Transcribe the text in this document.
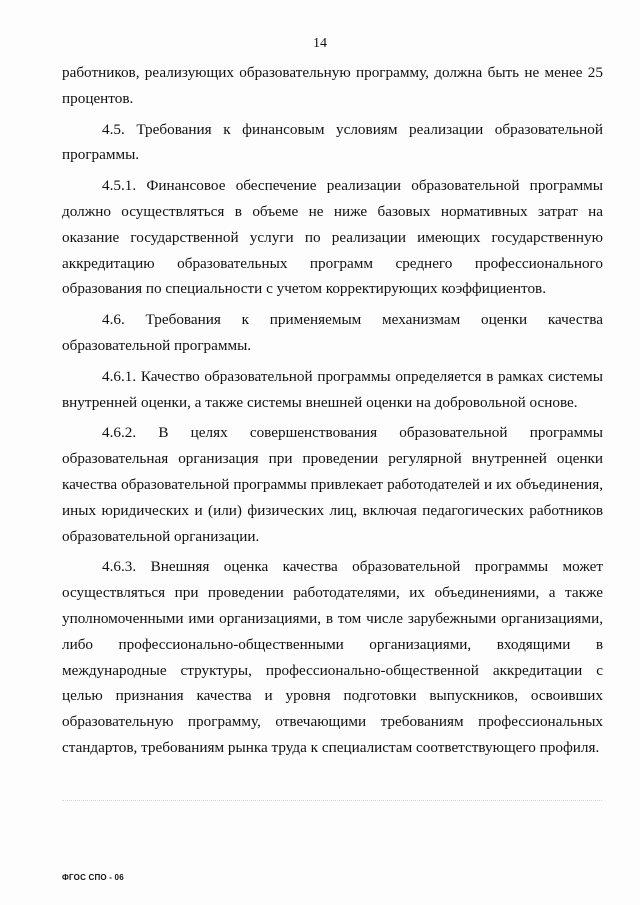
14

работников, реализующих образовательную программу, должна быть не менее 25 процентов.

4.5. Требования к финансовым условиям реализации образовательной программы.

4.5.1. Финансовое обеспечение реализации образовательной программы должно осуществляться в объеме не ниже базовых нормативных затрат на оказание государственной услуги по реализации имеющих государственную аккредитацию образовательных программ среднего профессионального образования по специальности с учетом корректирующих коэффициентов.

4.6. Требования к применяемым механизмам оценки качества образовательной программы.

4.6.1. Качество образовательной программы определяется в рамках системы внутренней оценки, а также системы внешней оценки на добровольной основе.

4.6.2. В целях совершенствования образовательной программы образовательная организация при проведении регулярной внутренней оценки качества образовательной программы привлекает работодателей и их объединения, иных юридических и (или) физических лиц, включая педагогических работников образовательной организации.

4.6.3. Внешняя оценка качества образовательной программы может осуществляться при проведении работодателями, их объединениями, а также уполномоченными ими организациями, в том числе зарубежными организациями, либо профессионально-общественными организациями, входящими в международные структуры, профессионально-общественной аккредитации с целью признания качества и уровня подготовки выпускников, освоивших образовательную программу, отвечающими требованиям профессиональных стандартов, требованиям рынка труда к специалистам соответствующего профиля.

ФГОС СПО - 06
